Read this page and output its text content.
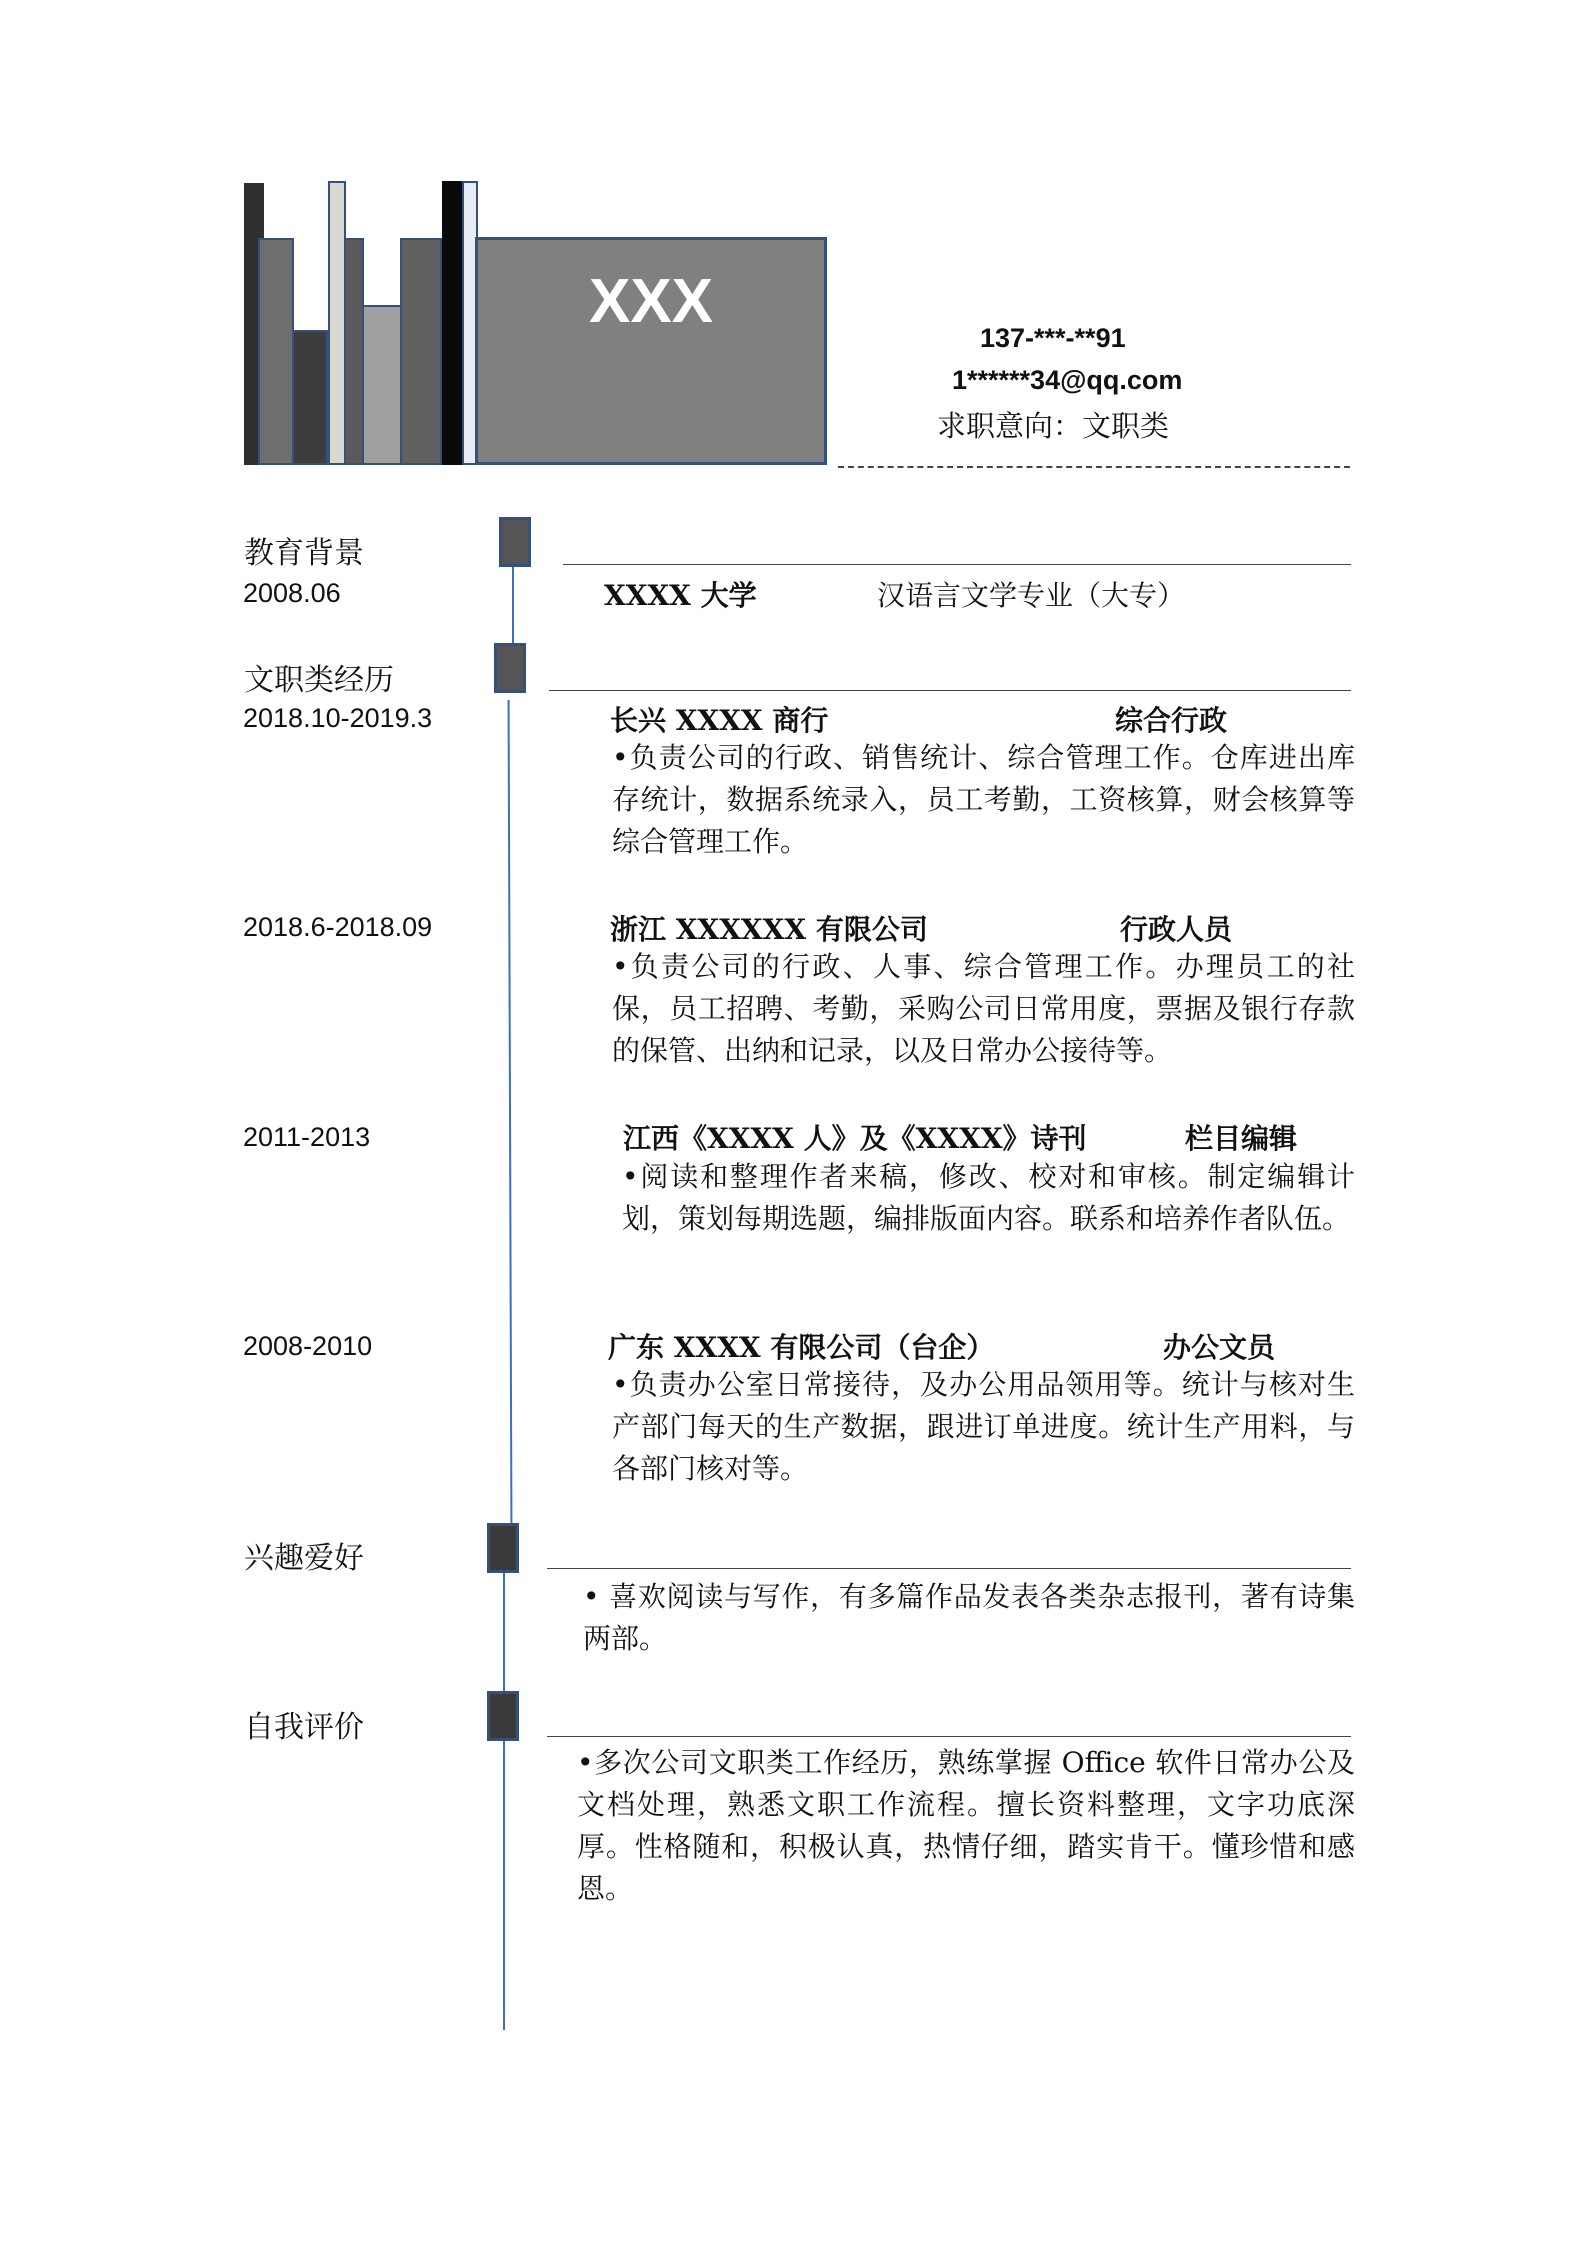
XXX
137-***-**91
1******34@qq.com
求职意向：文职类
教育背景
2008.06	XXXX 大学	汉语言文学专业（大专）
文职类经历
2018.10-2019.3	长兴 XXXX 商行	综合行政
•负责公司的行政、销售统计、综合管理工作。仓库进出库存统计，数据系统录入，员工考勤，工资核算，财会核算等综合管理工作。
2018.6-2018.09	浙江 XXXXXX 有限公司	行政人员
•负责公司的行政、人事、综合管理工作。办理员工的社保，员工招聘、考勤，采购公司日常用度，票据及银行存款的保管、出纳和记录，以及日常办公接待等。
2011-2013	江西《XXXX 人》及《XXXX》诗刊	栏目编辑
•阅读和整理作者来稿，修改、校对和审核。制定编辑计划，策划每期选题，编排版面内容。联系和培养作者队伍。
2008-2010	广东 XXXX 有限公司（台企）	办公文员
•负责办公室日常接待，及办公用品领用等。统计与核对生产部门每天的生产数据，跟进订单进度。统计生产用料，与各部门核对等。
兴趣爱好
• 喜欢阅读与写作，有多篇作品发表各类杂志报刊，著有诗集两部。
自我评价
•多次公司文职类工作经历，熟练掌握 Office 软件日常办公及文档处理，熟悉文职工作流程。擅长资料整理，文字功底深厚。性格随和，积极认真，热情仔细，踏实肯干。懂珍惜和感恩。
